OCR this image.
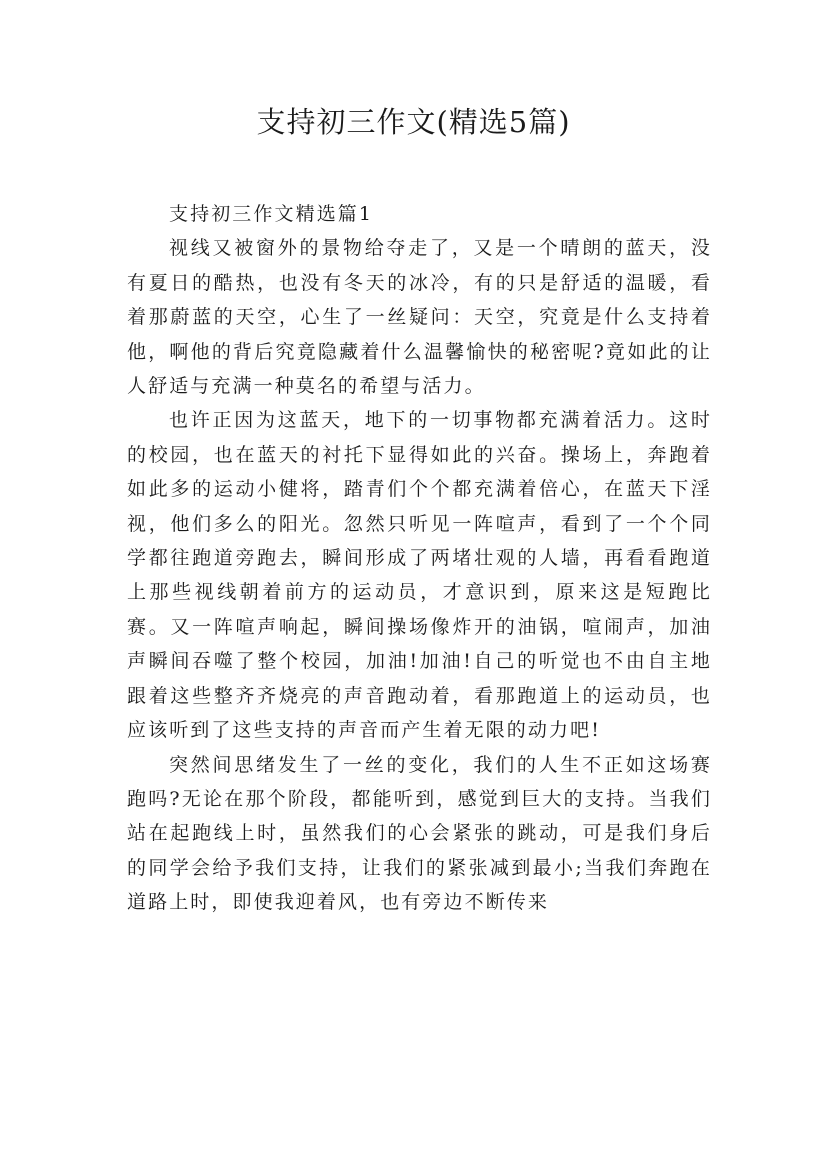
支持初三作文(精选5篇)
支持初三作文精选篇1

视线又被窗外的景物给夺走了，又是一个晴朗的蓝天，没有夏日的酷热，也没有冬天的冰冷，有的只是舒适的温暖，看着那蔚蓝的天空，心生了一丝疑问：天空，究竟是什么支持着他，啊他的背后究竟隐藏着什么温馨愉快的秘密呢?竟如此的让人舒适与充满一种莫名的希望与活力。

也许正因为这蓝天，地下的一切事物都充满着活力。这时的校园，也在蓝天的衬托下显得如此的兴奋。操场上，奔跑着如此多的运动小健将，踏青们个个都充满着倍心，在蓝天下淫视，他们多么的阳光。忽然只听见一阵喧声，看到了一个个同学都往跑道旁跑去，瞬间形成了两堵壮观的人墙，再看看跑道上那些视线朝着前方的运动员，才意识到，原来这是短跑比赛。又一阵喧声响起，瞬间操场像炸开的油锅，喧闹声，加油声瞬间吞噬了整个校园，加油!加油!自己的听觉也不由自主地跟着这些整齐齐烧亮的声音跑动着，看那跑道上的运动员，也应该听到了这些支持的声音而产生着无限的动力吧!

突然间思绪发生了一丝的变化，我们的人生不正如这场赛跑吗?无论在那个阶段，都能听到，感觉到巨大的支持。当我们站在起跑线上时，虽然我们的心会紧张的跳动，可是我们身后的同学会给予我们支持，让我们的紧张减到最小;当我们奔跑在道路上时，即使我迎着风，也有旁边不断传来
